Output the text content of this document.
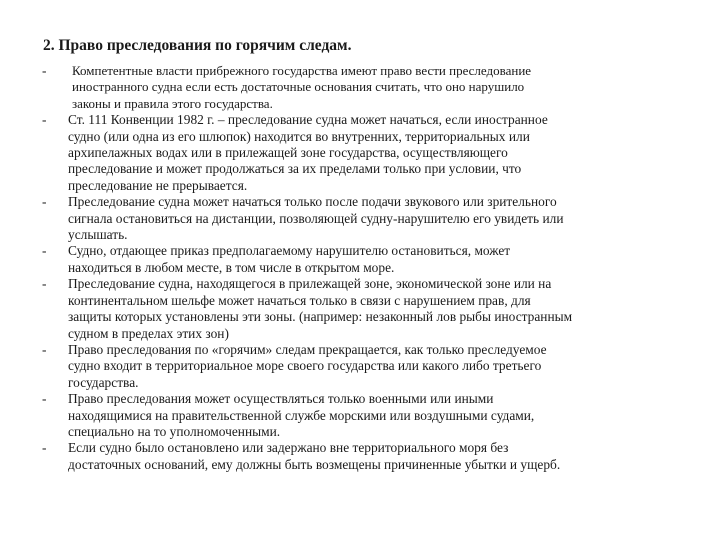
2. Право преследования по горячим следам.
- Компетентные власти прибрежного государства имеют право вести преследование
иностранного судна если есть достаточные основания считать, что оно нарушило
законы и правила этого государства.
- Ст. 111 Конвенции 1982 г. – преследование судна может начаться, если иностранное
судно (или одна из его шлюпок) находится во внутренних, территориальных или
архипелажных водах или в прилежащей зоне государства, осуществляющего
преследование и может продолжаться за их пределами только при условии, что
преследование не прерывается.
- Преследование судна может начаться только после подачи звукового или зрительного
сигнала остановиться на дистанции, позволяющей судну-нарушителю его увидеть или
услышать.
- Судно, отдающее приказ предполагаемому нарушителю остановиться, может
находиться в любом месте, в том числе в открытом море.
- Преследование судна, находящегося в прилежащей зоне, экономической зоне или на
континентальном шельфе может начаться только в связи с нарушением прав, для
защиты которых установлены эти зоны. (например: незаконный лов рыбы иностранным
судном в пределах этих зон)
- Право преследования по «горячим» следам прекращается, как только преследуемое
судно входит в территориальное море своего государства или какого либо третьего
государства.
- Право преследования может осуществляться только военными или иными
находящимися на правительственной службе морскими или воздушными судами,
специально на то уполномоченными.
- Если судно было остановлено или задержано вне территориального моря без
достаточных оснований, ему должны быть возмещены причиненные убытки и ущерб.
